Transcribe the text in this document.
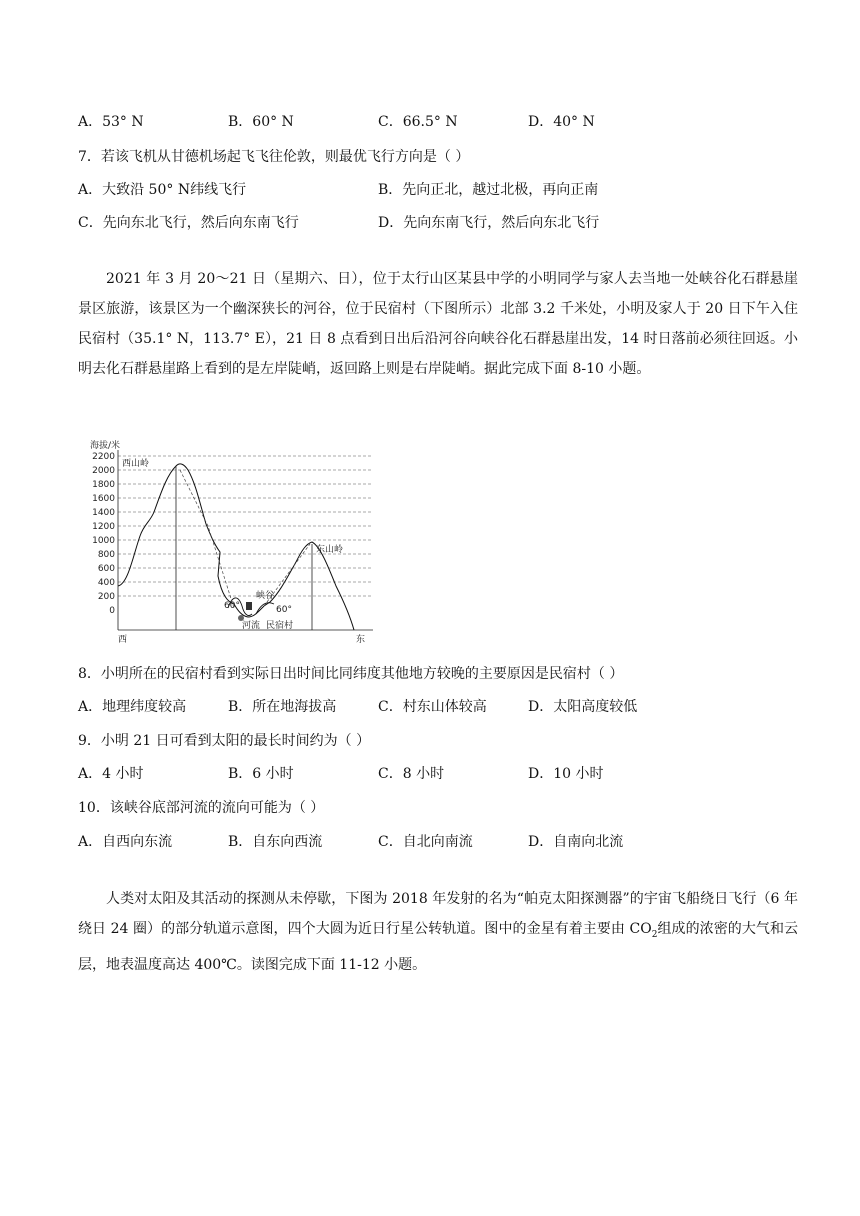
A．53° N	B．60° N	C．66.5° N	D．40° N
7．若该飞机从甘德机场起飞飞往伦敦，则最优飞行方向是（ ）
A．大致沿 50° N纬线飞行	B．先向正北，越过北极，再向正南
C．先向东北飞行，然后向东南飞行	D．先向东南飞行，然后向东北飞行

2021 年 3 月 20～21 日（星期六、日），位于太行山区某县中学的小明同学与家人去当地一处峡谷化石群悬崖景区旅游，该景区为一个幽深狭长的河谷，位于民宿村（下图所示）北部 3.2 千米处，小明及家人于 20 日下午入住民宿村（35.1° N，113.7° E），21 日 8 点看到日出后沿河谷向峡谷化石群悬崖出发，14 时日落前必须往回返。小明去化石群悬崖路上看到的是左岸陡峭，返回路上则是右岸陡峭。据此完成下面 8-10 小题。

海拔/米
2200
2000
1800
1600
1400
1200
1000
800
600
400
200
0
西山岭
东山岭
峡谷
60°	60°
河流 民宿村
西	东
8．小明所在的民宿村看到实际日出时间比同纬度其他地方较晚的主要原因是民宿村（ ）
A．地理纬度较高	B．所在地海拔高	C．村东山体较高	D．太阳高度较低
9．小明 21 日可看到太阳的最长时间约为（ ）
A．4 小时	B．6 小时	C．8 小时	D．10 小时
10．该峡谷底部河流的流向可能为（ ）
A．自西向东流	B．自东向西流	C．自北向南流	D．自南向北流

人类对太阳及其活动的探测从未停歇，下图为 2018 年发射的名为“帕克太阳探测器”的宇宙飞船绕日飞行（6 年绕日 24 圈）的部分轨道示意图，四个大圆为近日行星公转轨道。图中的金星有着主要由 $CO_2$组成的浓密的大气和云层，地表温度高达 400℃。读图完成下面 11-12 小题。
